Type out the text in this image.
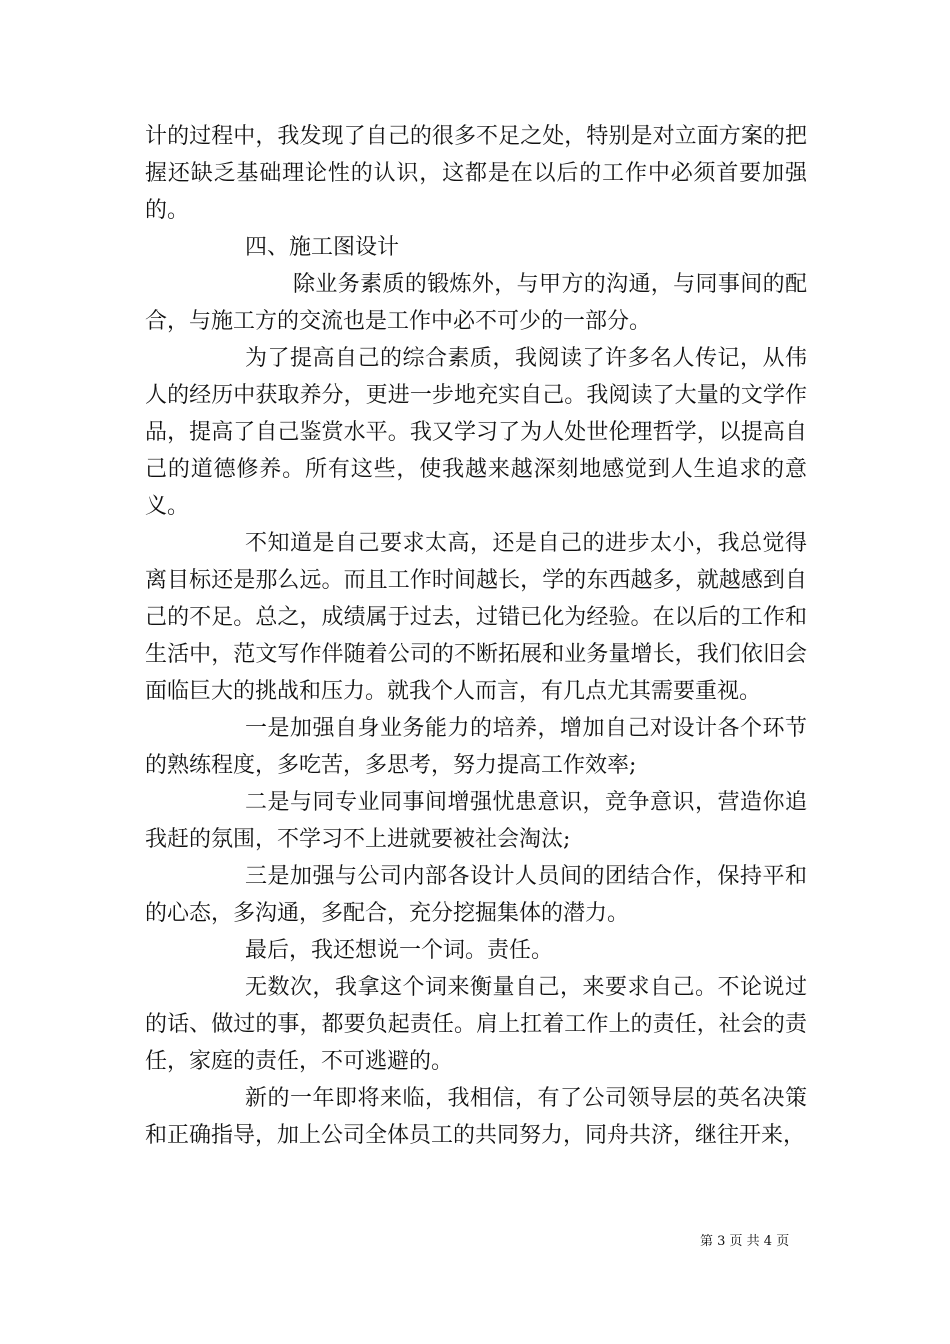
计的过程中，我发现了自己的很多不足之处，特别是对立面方案的把握还缺乏基础理论性的认识，这都是在以后的工作中必须首要加强的。

四、施工图设计

除业务素质的锻炼外，与甲方的沟通，与同事间的配合，与施工方的交流也是工作中必不可少的一部分。

为了提高自己的综合素质，我阅读了许多名人传记，从伟人的经历中获取养分，更进一步地充实自己。我阅读了大量的文学作品，提高了自己鉴赏水平。我又学习了为人处世伦理哲学，以提高自己的道德修养。所有这些，使我越来越深刻地感觉到人生追求的意义。

不知道是自己要求太高，还是自己的进步太小，我总觉得离目标还是那么远。而且工作时间越长，学的东西越多，就越感到自己的不足。总之，成绩属于过去，过错已化为经验。在以后的工作和生活中，范文写作伴随着公司的不断拓展和业务量增长，我们依旧会面临巨大的挑战和压力。就我个人而言，有几点尤其需要重视。

一是加强自身业务能力的培养，增加自己对设计各个环节的熟练程度，多吃苦，多思考，努力提高工作效率;

二是与同专业同事间增强忧患意识，竞争意识，营造你追我赶的氛围，不学习不上进就要被社会淘汰;

三是加强与公司内部各设计人员间的团结合作，保持平和的心态，多沟通，多配合，充分挖掘集体的潜力。

最后，我还想说一个词。责任。

无数次，我拿这个词来衡量自己，来要求自己。不论说过的话、做过的事，都要负起责任。肩上扛着工作上的责任，社会的责任，家庭的责任，不可逃避的。

新的一年即将来临，我相信，有了公司领导层的英名决策和正确指导，加上公司全体员工的共同努力，同舟共济，继往开来，

第 3 页 共 4 页
